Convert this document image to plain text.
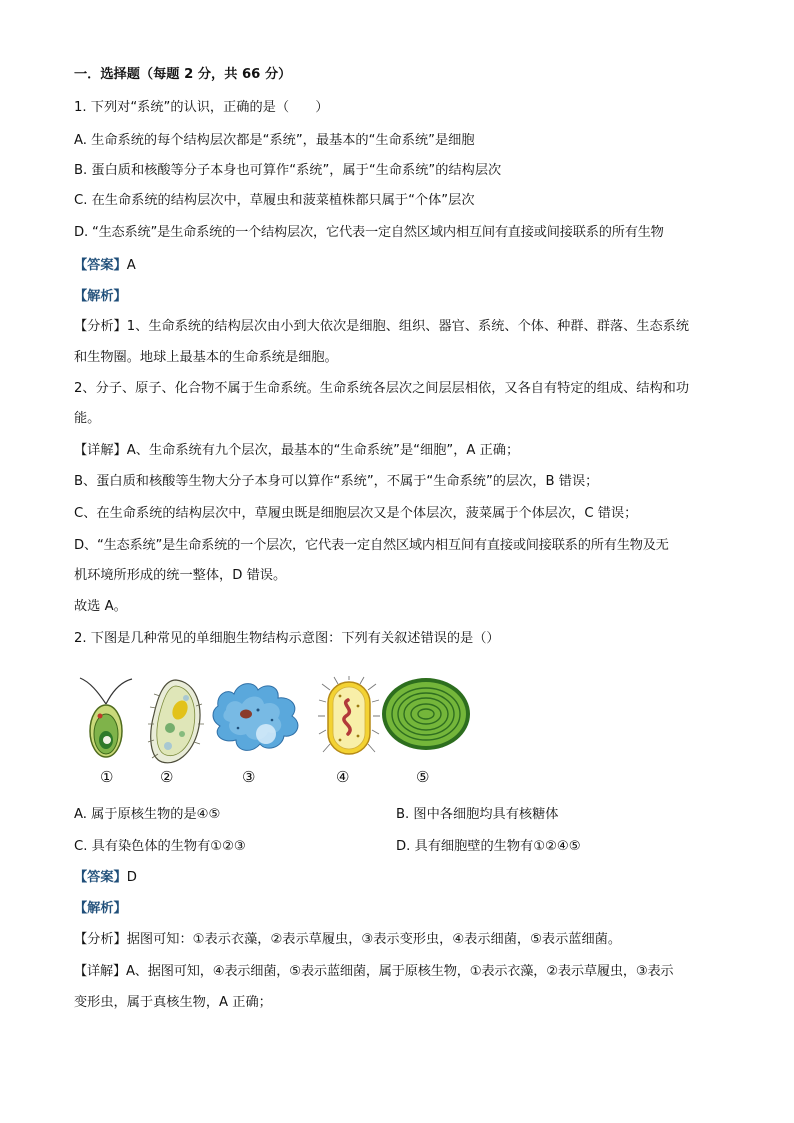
一．选择题（每题 2 分，共 66 分）
1. 下列对“系统”的认识，正确的是（　　）
A. 生命系统的每个结构层次都是“系统”，最基本的“生命系统”是细胞
B. 蛋白质和核酸等分子本身也可算作“系统”，属于“生命系统”的结构层次
C. 在生命系统的结构层次中，草履虫和菠菜植株都只属于“个体”层次
D. “生态系统”是生命系统的一个结构层次，它代表一定自然区域内相互间有直接或间接联系的所有生物
【答案】A
【解析】
【分析】1、生命系统的结构层次由小到大依次是细胞、组织、器官、系统、个体、种群、群落、生态系统
和生物圈。地球上最基本的生命系统是细胞。
2、分子、原子、化合物不属于生命系统。生命系统各层次之间层层相依，又各自有特定的组成、结构和功
能。
【详解】A、生命系统有九个层次，最基本的“生命系统”是“细胞”，A 正确；
B、蛋白质和核酸等生物大分子本身可以算作“系统”，不属于“生命系统”的层次，B 错误；
C、在生命系统的结构层次中，草履虫既是细胞层次又是个体层次，菠菜属于个体层次，C 错误；
D、“生态系统”是生命系统的一个层次，它代表一定自然区域内相互间有直接或间接联系的所有生物及无
机环境所形成的统一整体，D 错误。
故选 A。
2. 下图是几种常见的单细胞生物结构示意图：下列有关叙述错误的是（）
①	②	③	④	⑤
A. 属于原核生物的是④⑤	B. 图中各细胞均具有核糖体
C. 具有染色体的生物有①②③	D. 具有细胞壁的生物有①②④⑤
【答案】D
【解析】
【分析】据图可知：①表示衣藻，②表示草履虫，③表示变形虫，④表示细菌，⑤表示蓝细菌。
【详解】A、据图可知，④表示细菌，⑤表示蓝细菌，属于原核生物，①表示衣藻，②表示草履虫，③表示
变形虫，属于真核生物，A 正确；
